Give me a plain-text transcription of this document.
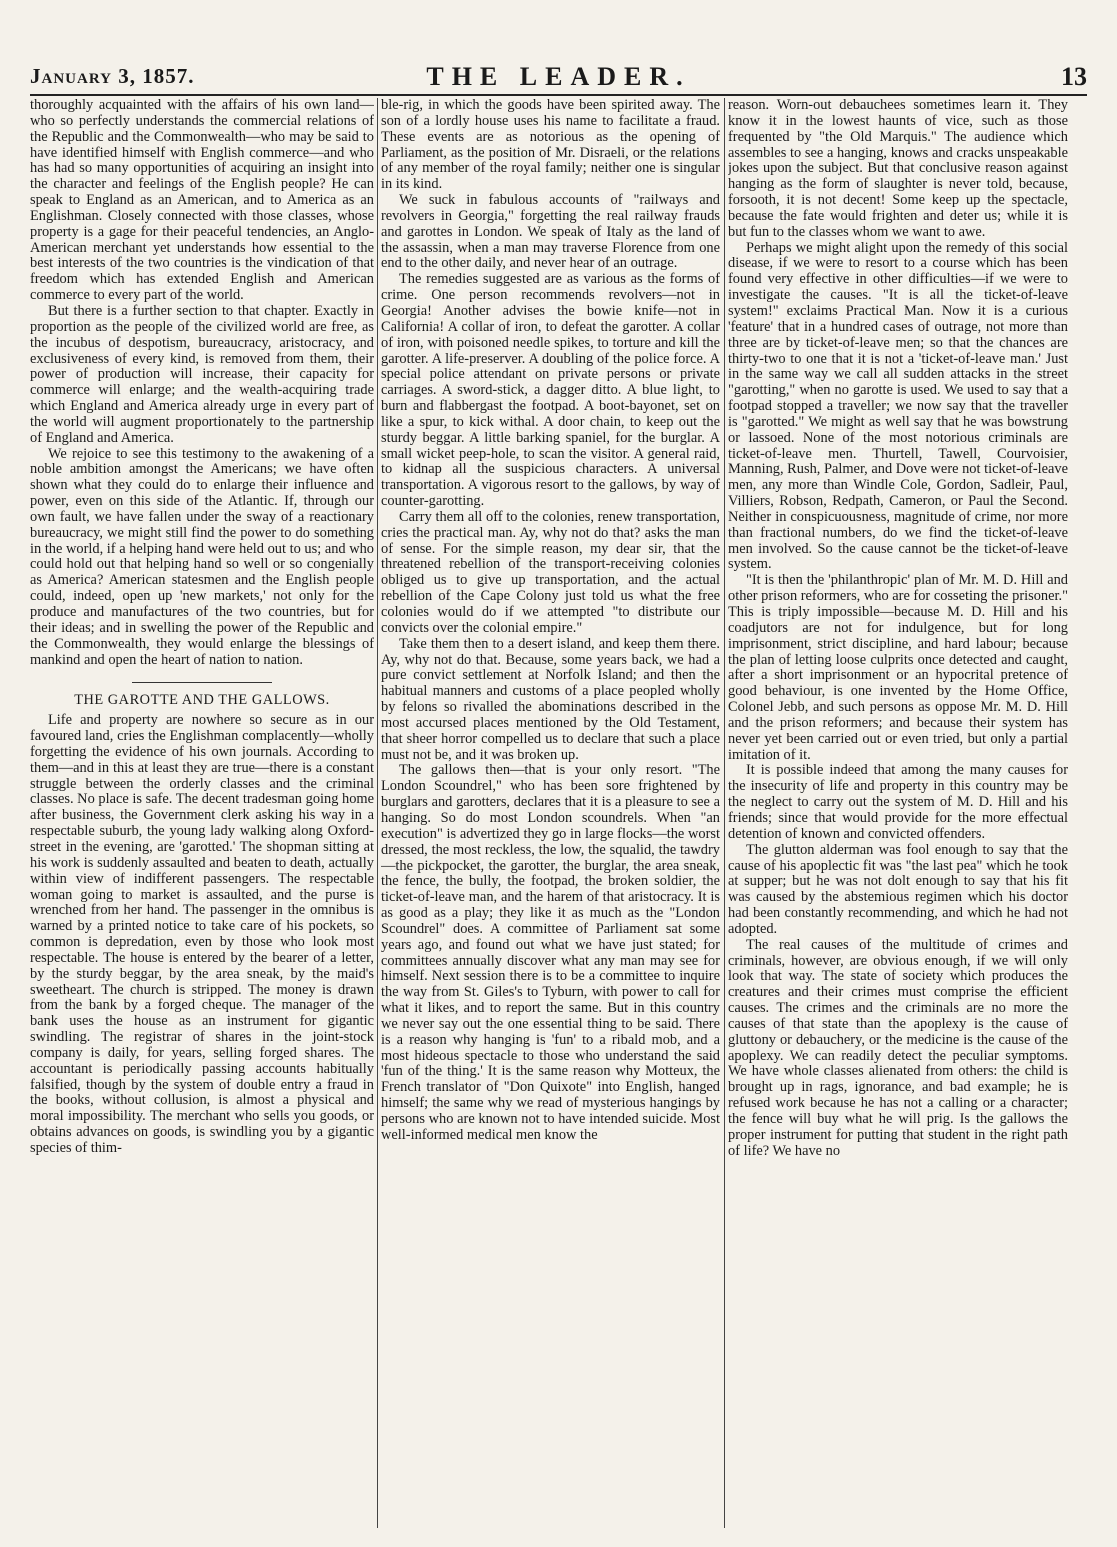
January 3, 1857.	THE LEADER.	13

thoroughly acquainted with the affairs of his own land—who so perfectly understands the commercial relations of the Republic and the Commonwealth—who may be said to have identified himself with English commerce—and who has had so many opportunities of acquiring an insight into the character and feelings of the English people? He can speak to England as an American, and to America as an Englishman. Closely connected with those classes, whose property is a gage for their peaceful tendencies, an Anglo-American merchant yet understands how essential to the best interests of the two countries is the vindication of that freedom which has extended English and American commerce to every part of the world.

But there is a further section to that chapter. Exactly in proportion as the people of the civilized world are free, as the incubus of despotism, bureaucracy, aristocracy, and exclusiveness of every kind, is removed from them, their power of production will increase, their capacity for commerce will enlarge; and the wealth-acquiring trade which England and America already urge in every part of the world will augment proportionately to the partnership of England and America.

We rejoice to see this testimony to the awakening of a noble ambition amongst the Americans; we have often shown what they could do to enlarge their influence and power, even on this side of the Atlantic. If, through our own fault, we have fallen under the sway of a reactionary bureaucracy, we might still find the power to do something in the world, if a helping hand were held out to us; and who could hold out that helping hand so well or so congenially as America? American statesmen and the English people could, indeed, open up 'new markets,' not only for the produce and manufactures of the two countries, but for their ideas; and in swelling the power of the Republic and the Commonwealth, they would enlarge the blessings of mankind and open the heart of nation to nation.

THE GAROTTE AND THE GALLOWS.

Life and property are nowhere so secure as in our favoured land, cries the Englishman complacently—wholly forgetting the evidence of his own journals. According to them—and in this at least they are true—there is a constant struggle between the orderly classes and the criminal classes. No place is safe. The decent tradesman going home after business, the Government clerk asking his way in a respectable suburb, the young lady walking along Oxford-street in the evening, are 'garotted.' The shopman sitting at his work is suddenly assaulted and beaten to death, actually within view of indifferent passengers. The respectable woman going to market is assaulted, and the purse is wrenched from her hand. The passenger in the omnibus is warned by a printed notice to take care of his pockets, so common is depredation, even by those who look most respectable. The house is entered by the bearer of a letter, by the sturdy beggar, by the area sneak, by the maid's sweetheart. The church is stripped. The money is drawn from the bank by a forged cheque. The manager of the bank uses the house as an instrument for gigantic swindling. The registrar of shares in the joint-stock company is daily, for years, selling forged shares. The accountant is periodically passing accounts habitually falsified, though by the system of double entry a fraud in the books, without collusion, is almost a physical and moral impossibility. The merchant who sells you goods, or obtains advances on goods, is swindling you by a gigantic species of thim-

ble-rig, in which the goods have been spirited away. The son of a lordly house uses his name to facilitate a fraud. These events are as notorious as the opening of Parliament, as the position of Mr. Disraeli, or the relations of any member of the royal family; neither one is singular in its kind.

We suck in fabulous accounts of "railways and revolvers in Georgia," forgetting the real railway frauds and garottes in London. We speak of Italy as the land of the assassin, when a man may traverse Florence from one end to the other daily, and never hear of an outrage.

The remedies suggested are as various as the forms of crime. One person recommends revolvers—not in Georgia! Another advises the bowie knife—not in California! A collar of iron, to defeat the garotter. A collar of iron, with poisoned needle spikes, to torture and kill the garotter. A life-preserver. A doubling of the police force. A special police attendant on private persons or private carriages. A sword-stick, a dagger ditto. A blue light, to burn and flabbergast the footpad. A boot-bayonet, set on like a spur, to kick withal. A door chain, to keep out the sturdy beggar. A little barking spaniel, for the burglar. A small wicket peep-hole, to scan the visitor. A general raid, to kidnap all the suspicious characters. A universal transportation. A vigorous resort to the gallows, by way of counter-garotting.

Carry them all off to the colonies, renew transportation, cries the practical man. Ay, why not do that? asks the man of sense. For the simple reason, my dear sir, that the threatened rebellion of the transport-receiving colonies obliged us to give up transportation, and the actual rebellion of the Cape Colony just told us what the free colonies would do if we attempted "to distribute our convicts over the colonial empire."

Take them then to a desert island, and keep them there. Ay, why not do that. Because, some years back, we had a pure convict settlement at Norfolk Island; and then the habitual manners and customs of a place peopled wholly by felons so rivalled the abominations described in the most accursed places mentioned by the Old Testament, that sheer horror compelled us to declare that such a place must not be, and it was broken up.

The gallows then—that is your only resort. "The London Scoundrel," who has been sore frightened by burglars and garotters, declares that it is a pleasure to see a hanging. So do most London scoundrels. When "an execution" is advertized they go in large flocks—the worst dressed, the most reckless, the low, the squalid, the tawdry—the pickpocket, the garotter, the burglar, the area sneak, the fence, the bully, the footpad, the broken soldier, the ticket-of-leave man, and the harem of that aristocracy. It is as good as a play; they like it as much as the "London Scoundrel" does. A committee of Parliament sat some years ago, and found out what we have just stated; for committees annually discover what any man may see for himself. Next session there is to be a committee to inquire the way from St. Giles's to Tyburn, with power to call for what it likes, and to report the same. But in this country we never say out the one essential thing to be said. There is a reason why hanging is 'fun' to a ribald mob, and a most hideous spectacle to those who understand the said 'fun of the thing.' It is the same reason why Motteux, the French translator of "Don Quixote" into English, hanged himself; the same why we read of mysterious hangings by persons who are known not to have intended suicide. Most well-informed medical men know the

reason. Worn-out debauchees sometimes learn it. They know it in the lowest haunts of vice, such as those frequented by "the Old Marquis." The audience which assembles to see a hanging, knows and cracks unspeakable jokes upon the subject. But that conclusive reason against hanging as the form of slaughter is never told, because, forsooth, it is not decent! Some keep up the spectacle, because the fate would frighten and deter us; while it is but fun to the classes whom we want to awe.

Perhaps we might alight upon the remedy of this social disease, if we were to resort to a course which has been found very effective in other difficulties—if we were to investigate the causes. "It is all the ticket-of-leave system!" exclaims Practical Man. Now it is a curious 'feature' that in a hundred cases of outrage, not more than three are by ticket-of-leave men; so that the chances are thirty-two to one that it is not a 'ticket-of-leave man.' Just in the same way we call all sudden attacks in the street "garotting," when no garotte is used. We used to say that a footpad stopped a traveller; we now say that the traveller is "garotted." We might as well say that he was bowstrung or lassoed. None of the most notorious criminals are ticket-of-leave men. Thurtell, Tawell, Courvoisier, Manning, Rush, Palmer, and Dove were not ticket-of-leave men, any more than Windle Cole, Gordon, Sadleir, Paul, Villiers, Robson, Redpath, Cameron, or Paul the Second. Neither in conspicuousness, magnitude of crime, nor more than fractional numbers, do we find the ticket-of-leave men involved. So the cause cannot be the ticket-of-leave system.

"It is then the 'philanthropic' plan of Mr. M. D. Hill and other prison reformers, who are for cosseting the prisoner." This is triply impossible—because M. D. Hill and his coadjutors are not for indulgence, but for long imprisonment, strict discipline, and hard labour; because the plan of letting loose culprits once detected and caught, after a short imprisonment or an hypocrital pretence of good behaviour, is one invented by the Home Office, Colonel Jebb, and such persons as oppose Mr. M. D. Hill and the prison reformers; and because their system has never yet been carried out or even tried, but only a partial imitation of it.

It is possible indeed that among the many causes for the insecurity of life and property in this country may be the neglect to carry out the system of M. D. Hill and his friends; since that would provide for the more effectual detention of known and convicted offenders.

The glutton alderman was fool enough to say that the cause of his apoplectic fit was "the last pea" which he took at supper; but he was not dolt enough to say that his fit was caused by the abstemious regimen which his doctor had been constantly recommending, and which he had not adopted.

The real causes of the multitude of crimes and criminals, however, are obvious enough, if we will only look that way. The state of society which produces the creatures and their crimes must comprise the efficient causes. The crimes and the criminals are no more the causes of that state than the apoplexy is the cause of gluttony or debauchery, or the medicine is the cause of the apoplexy. We can readily detect the peculiar symptoms. We have whole classes alienated from others: the child is brought up in rags, ignorance, and bad example; he is refused work because he has not a calling or a character; the fence will buy what he will prig. Is the gallows the proper instrument for putting that student in the right path of life? We have no
